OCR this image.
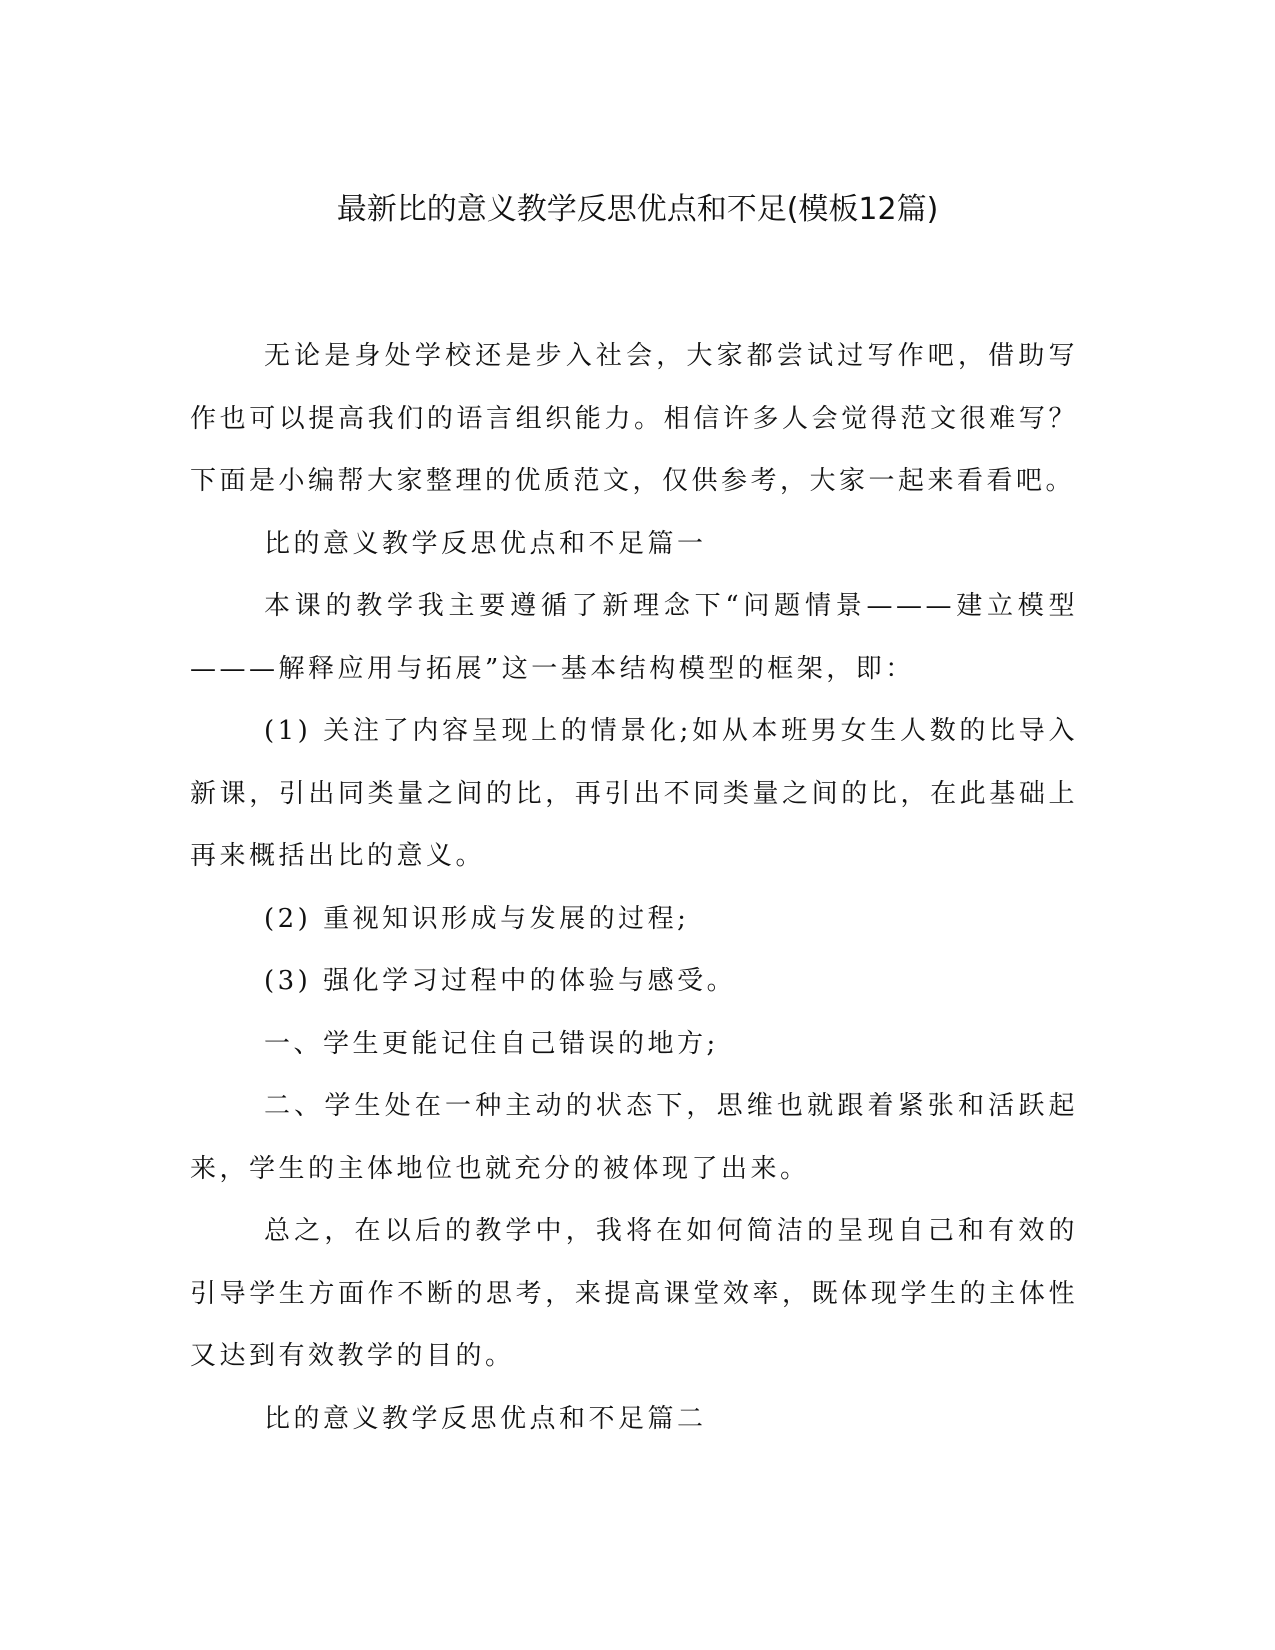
最新比的意义教学反思优点和不足(模板12篇)

无论是身处学校还是步入社会，大家都尝试过写作吧，借助写作也可以提高我们的语言组织能力。相信许多人会觉得范文很难写？下面是小编帮大家整理的优质范文，仅供参考，大家一起来看看吧。

比的意义教学反思优点和不足篇一

本课的教学我主要遵循了新理念下“问题情景———建立模型———解释应用与拓展”这一基本结构模型的框架，即：

(1) 关注了内容呈现上的情景化;如从本班男女生人数的比导入新课，引出同类量之间的比，再引出不同类量之间的比，在此基础上再来概括出比的意义。

(2) 重视知识形成与发展的过程;

(3) 强化学习过程中的体验与感受。

一、学生更能记住自己错误的地方;

二、学生处在一种主动的状态下，思维也就跟着紧张和活跃起来，学生的主体地位也就充分的被体现了出来。

总之，在以后的教学中，我将在如何简洁的呈现自己和有效的引导学生方面作不断的思考，来提高课堂效率，既体现学生的主体性又达到有效教学的目的。

比的意义教学反思优点和不足篇二
